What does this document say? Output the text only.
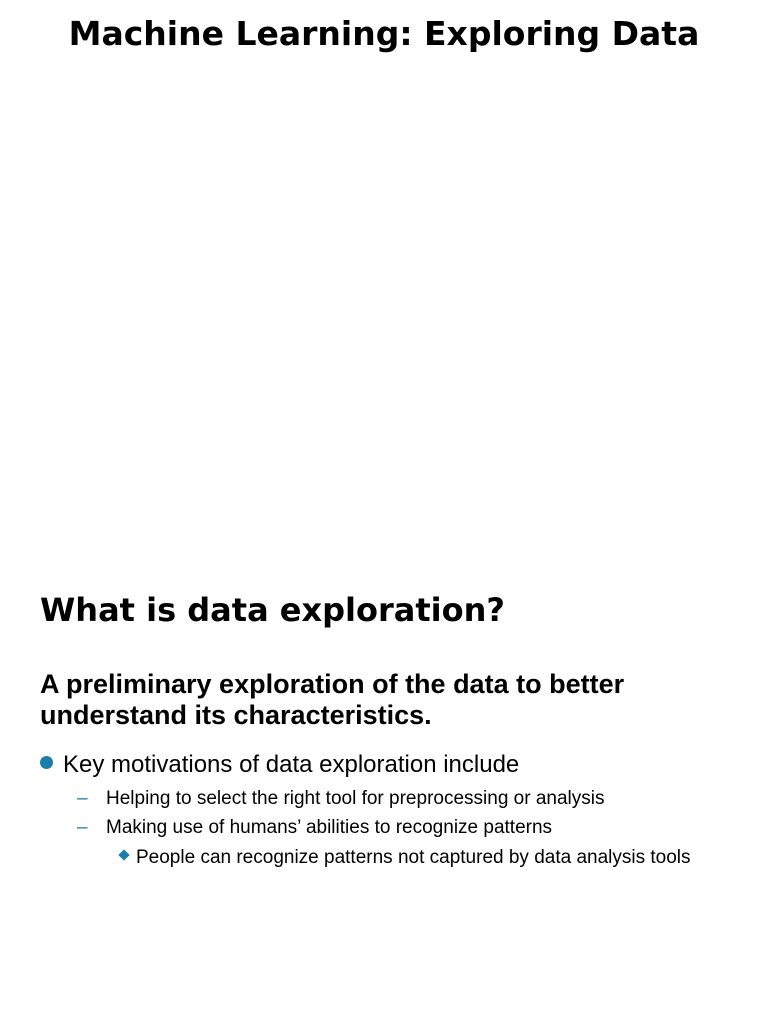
Machine Learning: Exploring Data
What is data exploration?

A preliminary exploration of the data to better understand its characteristics.

Key motivations of data exploration include
– Helping to select the right tool for preprocessing or analysis
– Making use of humans’ abilities to recognize patterns
People can recognize patterns not captured by data analysis tools
